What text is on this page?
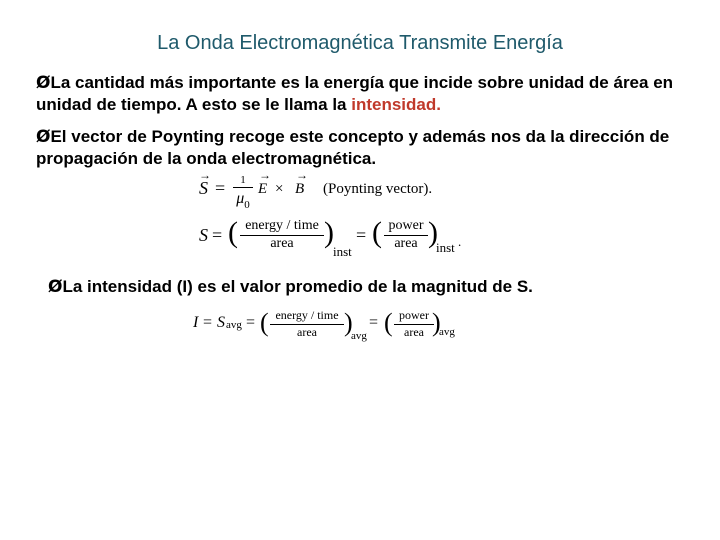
La Onda Electromagnética Transmite Energía
ØLa cantidad más importante es la energía que incide sobre unidad de área en unidad de tiempo. A esto se le llama la intensidad.
ØEl vector de Poynting recoge este concepto y además nos da la dirección de propagación de la onda electromagnética.
→
S =	1
$\mu_0$
→
E ×
→
B (Poynting vector).
S = ( energy / time
area	)
inst
= ( power
area )
inst .
ØLa intensidad (I) es el valor promedio de la magnitud de S.
I = S avg = ( energy / time
area	)
avg
= ( power
area )
avg
